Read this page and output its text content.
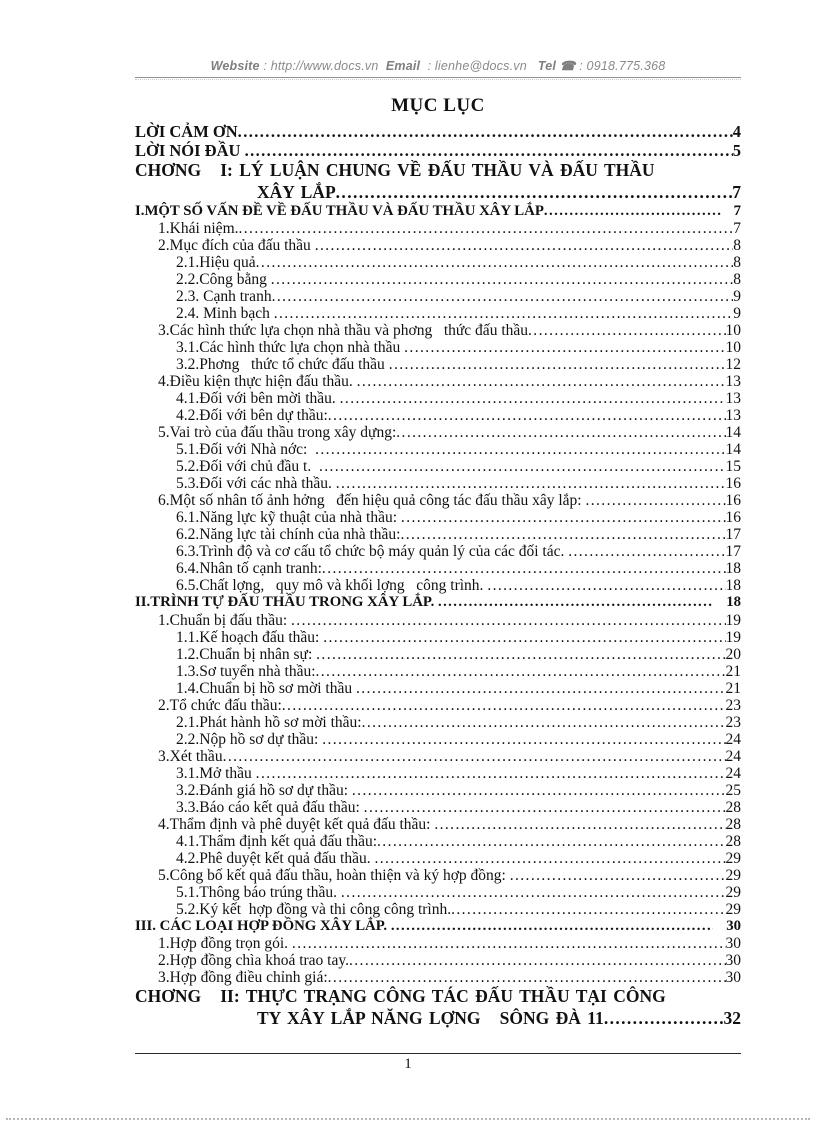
Website : http://www.docs.vn  Email  : lienhe@docs.vn   Tel ☎ : 0918.775.368
MỤC LỤC
LỜI CẢM ƠN .....	4
LỜI NÓI ĐẦU .....	5
CHƠNG   I: LÝ LUẬN CHUNG VỀ ĐẤU THẦU VÀ ĐẤU THẦU
XÂY LẮP .....	7
I.MỘT SỐ VẤN ĐỀ VỀ ĐẤU THẦU VÀ ĐẤU THẦU XÂY LẮP .....	7
1.Khái niệm. .....	7
2.Mục đích của đấu thầu .....	8
2.1.Hiệu quả .....	8
2.2.Công bằng .....	8
2.3. Cạnh tranh .....	9
2.4. Minh bạch .....	9
3.Các hình thức lựa chọn nhà thầu và phơng   thức đấu thầu .....	10
3.1.Các hình thức lựa chọn nhà thầu .....	10
3.2.Phơng   thức tổ chức đấu thầu .....	12
4.Điều kiện thực hiện đấu thầu. .....	13
4.1.Đối với bên mời thầu. .....	13
4.2.Đối với bên dự thầu: .....	13
5.Vai trò của đấu thầu trong xây dựng: .....	14
5.1.Đối với Nhà nớc: .....	14
5.2.Đối với chủ đầu t. .....	15
5.3.Đối với các nhà thầu. .....	16
6.Một số nhân tố ảnh hởng   đến hiệu quả công tác đấu thầu xây lắp: .....	16
6.1.Năng lực kỹ thuật của nhà thầu: .....	16
6.2.Năng lực tài chính của nhà thầu: .....	17
6.3.Trình độ và cơ cấu tổ chức bộ máy quản lý của các đối tác. .....	17
6.4.Nhân tố cạnh tranh: .....	18
6.5.Chất lợng,   quy mô và khối lợng   công trình. .....	18
II.TRÌNH TỰ ĐẤU THẦU TRONG XÂY LẮP. .....	18
1.Chuẩn bị đấu thầu: .....	19
1.1.Kế hoạch đấu thầu: .....	19
1.2.Chuẩn bị nhân sự: .....	20
1.3.Sơ tuyển nhà thầu: .....	21
1.4.Chuẩn bị hồ sơ mời thầu .....	21
2.Tổ chức đấu thầu: .....	23
2.1.Phát hành hồ sơ mời thầu: .....	23
2.2.Nộp hồ sơ dự thầu: .....	24
3.Xét thầu .....	24
3.1.Mở thầu .....	24
3.2.Đánh giá hồ sơ dự thầu: .....	25
3.3.Báo cáo kết quả đấu thầu: .....	28
4.Thẩm định và phê duyệt kết quả đấu thầu: .....	28
4.1.Thẩm định kết quả đấu thầu: .....	28
4.2.Phê duyệt kết quả đấu thầu. .....	29
5.Công bố kết quả đấu thầu, hoàn thiện và ký hợp đồng: .....	29
5.1.Thông báo trúng thầu. .....	29
5.2.Ký kết  hợp đồng và thi công công trình. .....	29
III. CÁC LOẠI HỢP ĐỒNG XÂY LẮP. .....	30
1.Hợp đồng trọn gói. .....	30
2.Hợp đồng chìa khoá trao tay. .....	30
3.Hợp đồng điều chỉnh giá: .....	30
CHƠNG   II: THỰC TRẠNG CÔNG TÁC ĐẤU THẦU TẠI CÔNG
TY XÂY LẮP NĂNG LỢNG   SÔNG ĐÀ 11 .....	32
1
